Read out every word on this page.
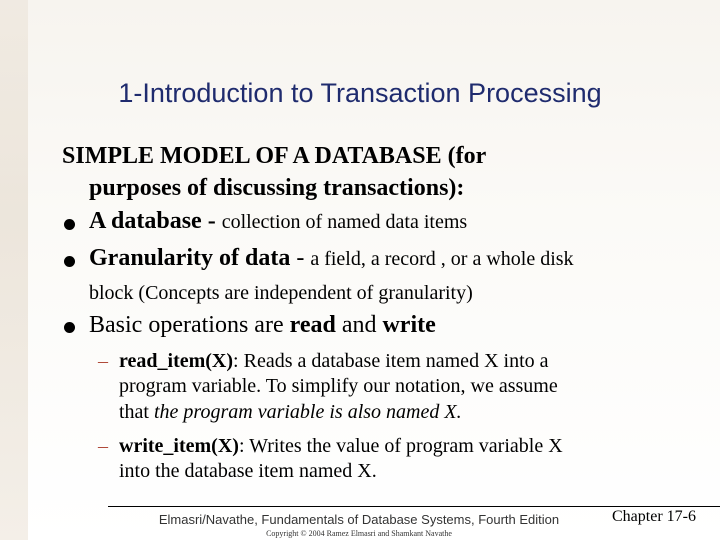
1-Introduction to Transaction Processing
SIMPLE MODEL OF A DATABASE (for
purposes of discussing transactions):
A database - collection of named data items
Granularity of data - a field, a record , or a whole disk
block (Concepts are independent of granularity)
Basic operations are read and write
– read_item(X): Reads a database item named X into a
program variable. To simplify our notation, we assume
that the program variable is also named X.
– write_item(X): Writes the value of program variable X
into the database item named X.
Elmasri/Navathe, Fundamentals of Database Systems, Fourth Edition
Copyright © 2004 Ramez Elmasri and Shamkant Navathe
Chapter 17-6
